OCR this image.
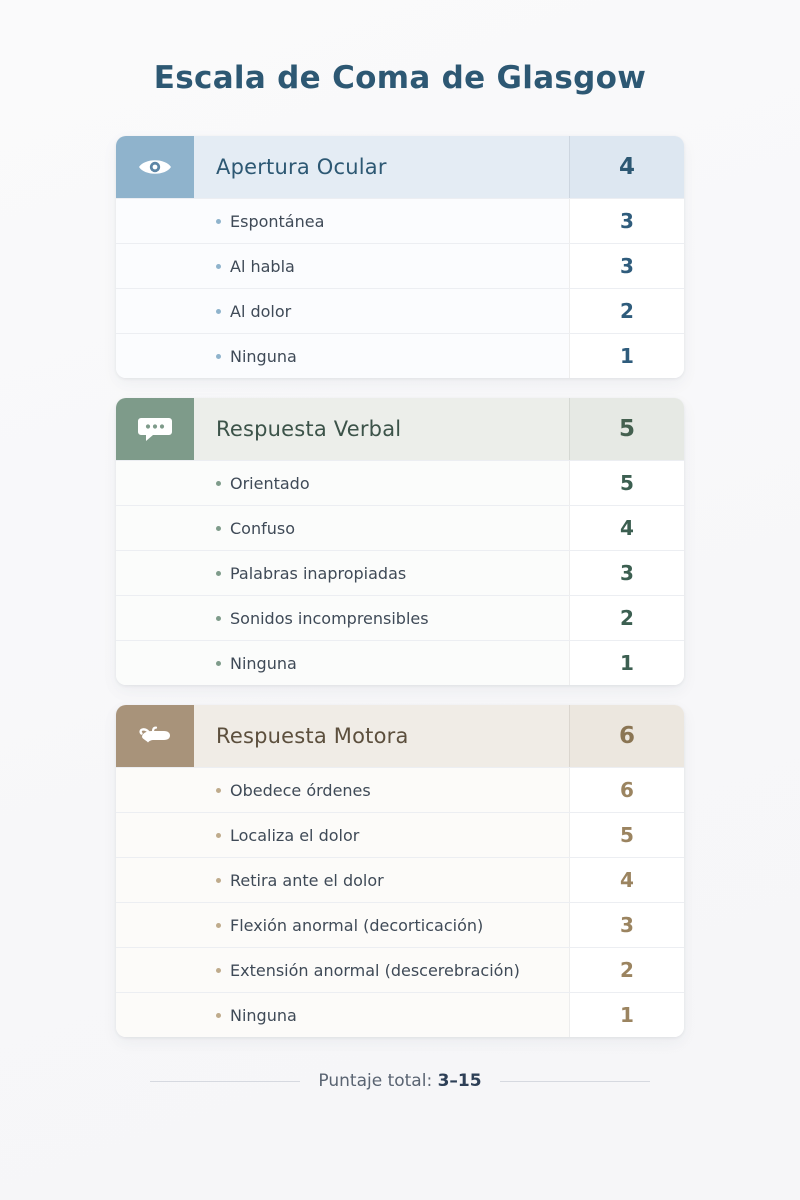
Escala de Coma de Glasgow
Apertura Ocular	4
Espontánea	3
Al habla	3
Al dolor	2
Ninguna	1
Respuesta Verbal	5
Orientado	5
Confuso	4
Palabras inapropiadas	3
Sonidos incomprensibles	2
Ninguna	1
Respuesta Motora	6
Obedece órdenes	6
Localiza el dolor	5
Retira ante el dolor	4
Flexión anormal (decorticación)	3
Extensión anormal (descerebración)	2
Ninguna	1
Puntaje total: 3–15
